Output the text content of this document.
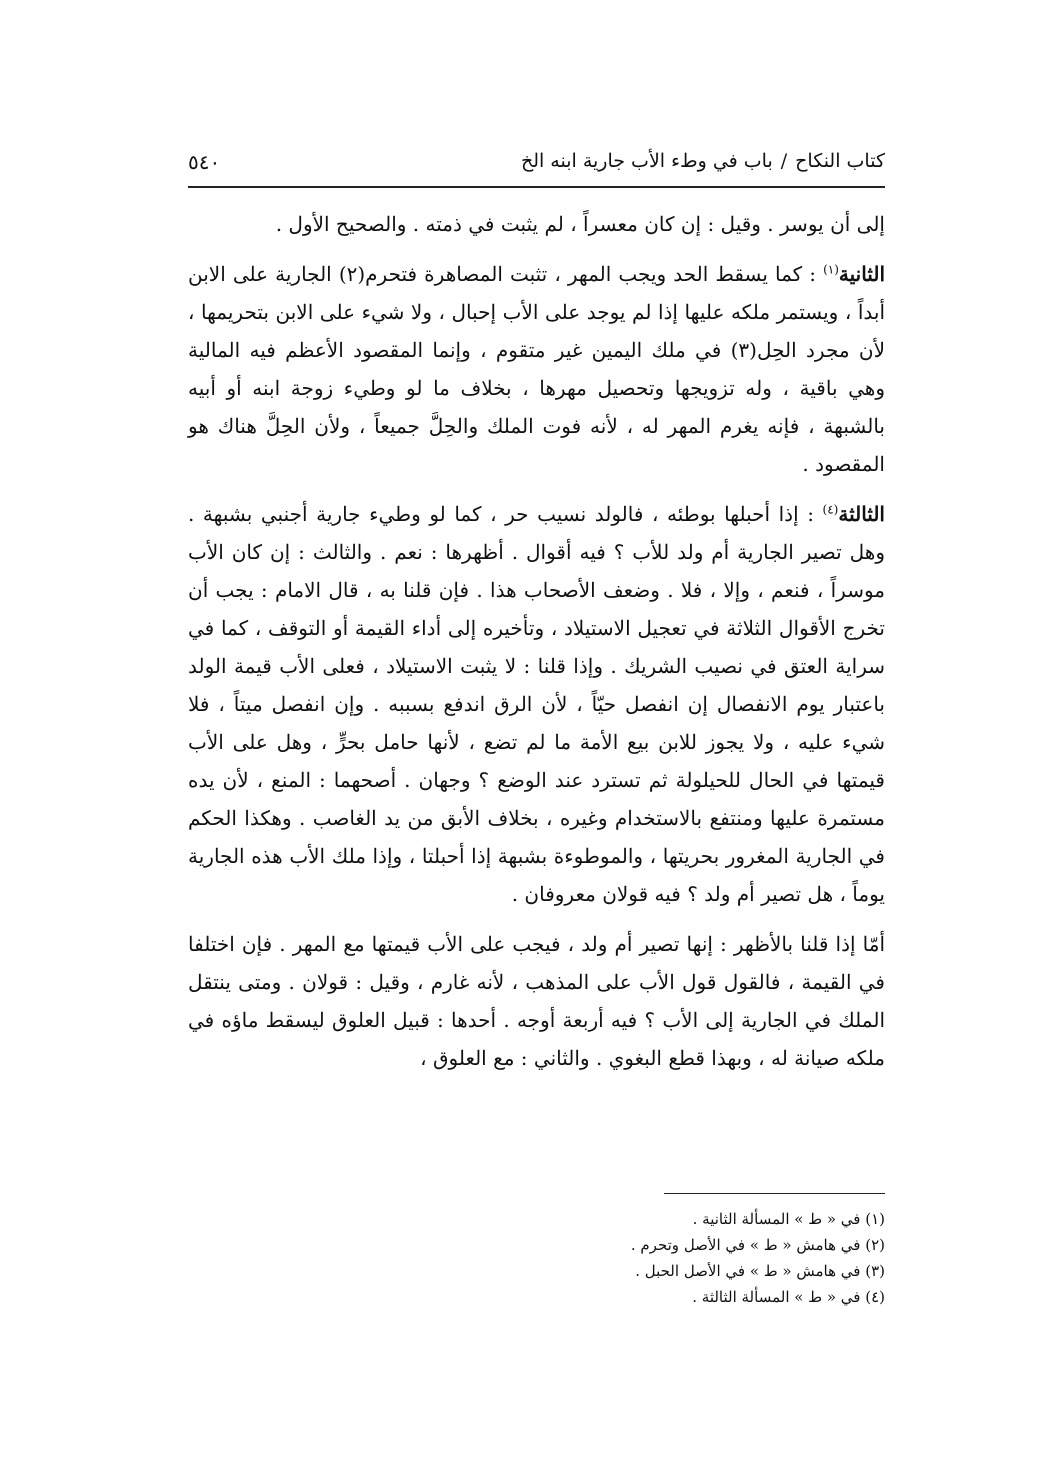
كتاب النكاح/باب في وطء الأب جارية ابنه الخ
٥٤٠

إلى أن يوسر . وقيل : إن كان معسراً ، لم يثبت في ذمته . والصحيح الأول .

الثانية$^{(١)}$ : كما يسقط الحد ويجب المهر ، تثبت المصاهرة فتحرم(٢) الجارية على الابن أبداً ، ويستمر ملكه عليها إذا لم يوجد على الأب إحبال ، ولا شيء على الابن بتحريمها ، لأن مجرد الحِل(٣) في ملك اليمين غير متقوم ، وإنما المقصود الأعظم فيه المالية وهي باقية ، وله تزويجها وتحصيل مهرها ، بخلاف ما لو وطيء زوجة ابنه أو أبيه بالشبهة ، فإنه يغرم المهر له ، لأنه فوت الملك والحِلَّ جميعاً ، ولأن الحِلَّ هناك هو المقصود .

الثالثة$^{(٤)}$ : إذا أحبلها بوطئه ، فالولد نسيب حر ، كما لو وطيء جارية أجنبي بشبهة . وهل تصير الجارية أم ولد للأب ؟ فيه أقوال . أظهرها : نعم . والثالث : إن كان الأب موسراً ، فنعم ، وإلا ، فلا . وضعف الأصحاب هذا . فإن قلنا به ، قال الامام : يجب أن تخرج الأقوال الثلاثة في تعجيل الاستيلاد ، وتأخيره إلى أداء القيمة أو التوقف ، كما في سراية العتق في نصيب الشريك . وإذا قلنا : لا يثبت الاستيلاد ، فعلى الأب قيمة الولد باعتبار يوم الانفصال إن انفصل حيّاً ، لأن الرق اندفع بسببه . وإن انفصل ميتاً ، فلا شيء عليه ، ولا يجوز للابن بيع الأمة ما لم تضع ، لأنها حامل بحرٍّ ، وهل على الأب قيمتها في الحال للحيلولة ثم تسترد عند الوضع ؟ وجهان . أصحهما : المنع ، لأن يده مستمرة عليها ومنتفع بالاستخدام وغيره ، بخلاف الأبق من يد الغاصب . وهكذا الحكم في الجارية المغرور بحريتها ، والموطوءة بشبهة إذا أحبلتا ، وإذا ملك الأب هذه الجارية يوماً ، هل تصير أم ولد ؟ فيه قولان معروفان .

أمّا إذا قلنا بالأظهر : إنها تصير أم ولد ، فيجب على الأب قيمتها مع المهر . فإن اختلفا في القيمة ، فالقول قول الأب على المذهب ، لأنه غارم ، وقيل : قولان . ومتى ينتقل الملك في الجارية إلى الأب ؟ فيه أربعة أوجه . أحدها : قبيل العلوق ليسقط ماؤه في ملكه صيانة له ، وبهذا قطع البغوي . والثاني : مع العلوق ،

(١) في « ط » المسألة الثانية .

(٢) في هامش « ط » في الأصل وتحرم .

(٣) في هامش « ط » في الأصل الحبل .

(٤) في « ط » المسألة الثالثة .
